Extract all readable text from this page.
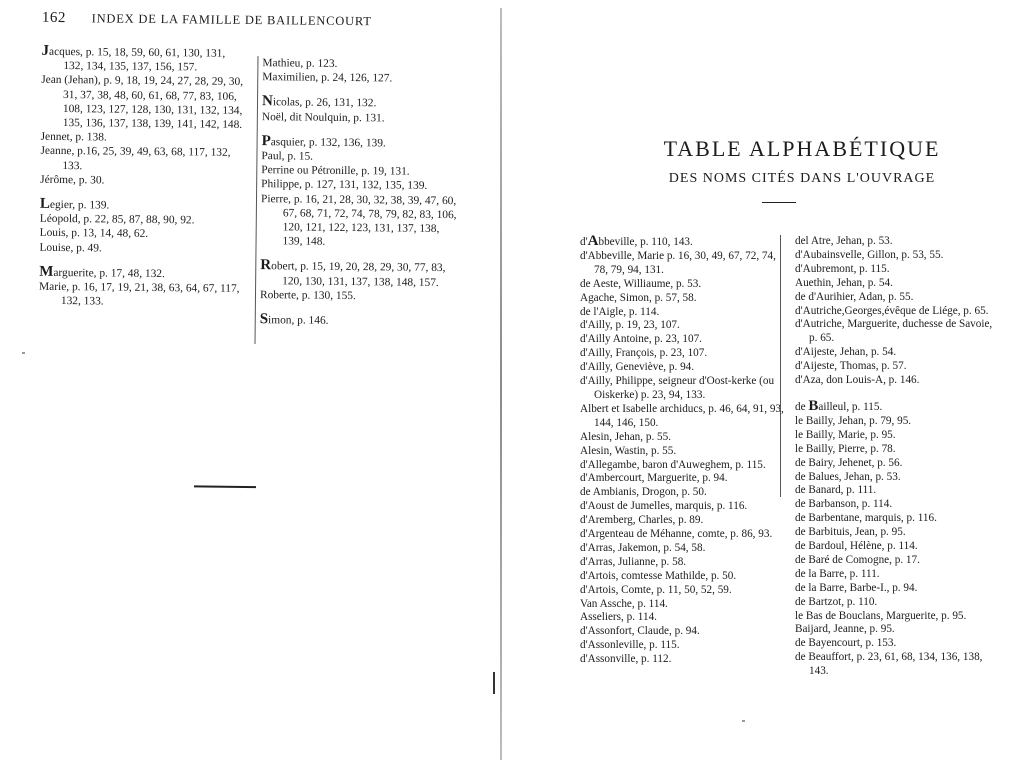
162 INDEX DE LA FAMILLE DE BAILLENCOURT
Jacques, p. 15, 18, 59, 60, 61, 130, 131, 132, 134, 135, 137, 156, 157.
Jean (Jehan), p. 9, 18, 19, 24, 27, 28, 29, 30, 31, 37, 38, 48, 60, 61, 68, 77, 83, 106, 108, 123, 127, 128, 130, 131, 132, 134, 135, 136, 137, 138, 139, 141, 142, 148.
Jennet, p. 138.
Jeanne, p.16, 25, 39, 49, 63, 68, 117, 132, 133.
Jérôme, p. 30.
Legier, p. 139.
Léopold, p. 22, 85, 87, 88, 90, 92.
Louis, p. 13, 14, 48, 62.
Louise, p. 49.
Marguerite, p. 17, 48, 132.
Marie, p. 16, 17, 19, 21, 38, 63, 64, 67, 117, 132, 133.
Mathieu, p. 123.
Maximilien, p. 24, 126, 127.
Nicolas, p. 26, 131, 132.
Noël, dit Noulquin, p. 131.
Pasquier, p. 132, 136, 139.
Paul, p. 15.
Perrine ou Pétronille, p. 19, 131.
Philippe, p. 127, 131, 132, 135, 139.
Pierre, p. 16, 21, 28, 30, 32, 38, 39, 47, 60, 67, 68, 71, 72, 74, 78, 79, 82, 83, 106, 120, 121, 122, 123, 131, 137, 138, 139, 148.
Robert, p. 15, 19, 20, 28, 29, 30, 77, 83, 120, 130, 131, 137, 138, 148, 157.
Roberte, p. 130, 155.
Simon, p. 146.
TABLE ALPHABÉTIQUE
DES NOMS CITÉS DANS L'OUVRAGE
d'Abbeville, p. 110, 143.
d'Abbeville, Marie p. 16, 30, 49, 67, 72, 74, 78, 79, 94, 131.
de Aeste, Williaume, p. 53.
Agache, Simon, p. 57, 58.
de l'Aigle, p. 114.
d'Ailly, p. 19, 23, 107.
d'Ailly Antoine, p. 23, 107.
d'Ailly, François, p. 23, 107.
d'Ailly, Geneviève, p. 94.
d'Ailly, Philippe, seigneur d'Oost-kerke (ou Oiskerke) p. 23, 94, 133.
Albert et Isabelle archiducs, p. 46, 64, 91, 93, 144, 146, 150.
Alesin, Jehan, p. 55.
Alesin, Wastin, p. 55.
d'Allegambe, baron d'Auweghem, p. 115.
d'Ambercourt, Marguerite, p. 94.
de Ambianis, Drogon, p. 50.
d'Aoust de Jumelles, marquis, p. 116.
d'Aremberg, Charles, p. 89.
d'Argenteau de Méhanne, comte, p. 86, 93.
d'Arras, Jakemon, p. 54, 58.
d'Arras, Julianne, p. 58.
d'Artois, comtesse Mathilde, p. 50.
d'Artois, Comte, p. 11, 50, 52, 59.
Van Assche, p. 114.
Asseliers, p. 114.
d'Assonfort, Claude, p. 94.
d'Assonleville, p. 115.
d'Assonville, p. 112.
del Atre, Jehan, p. 53.
d'Aubainsvelle, Gillon, p. 53, 55.
d'Aubremont, p. 115.
Auethin, Jehan, p. 54.
de d'Aurihier, Adan, p. 55.
d'Autriche,Georges,évêque de Liége, p. 65.
d'Autriche, Marguerite, duchesse de Savoie, p. 65.
d'Aijeste, Jehan, p. 54.
d'Aijeste, Thomas, p. 57.
d'Aza, don Louis-A, p. 146.
de Bailleul, p. 115.
le Bailly, Jehan, p. 79, 95.
le Bailly, Marie, p. 95.
le Bailly, Pierre, p. 78.
de Bairy, Jehenet, p. 56.
de Balues, Jehan, p. 53.
de Banard, p. 111.
de Barbanson, p. 114.
de Barbentane, marquis, p. 116.
de Barbituis, Jean, p. 95.
de Bardoul, Hélène, p. 114.
de Baré de Comogne, p. 17.
de la Barre, p. 111.
de la Barre, Barbe-I., p. 94.
de Bartzot, p. 110.
le Bas de Bouclans, Marguerite, p. 95.
Baijard, Jeanne, p. 95.
de Bayencourt, p. 153.
de Beauffort, p. 23, 61, 68, 134, 136, 138, 143.
